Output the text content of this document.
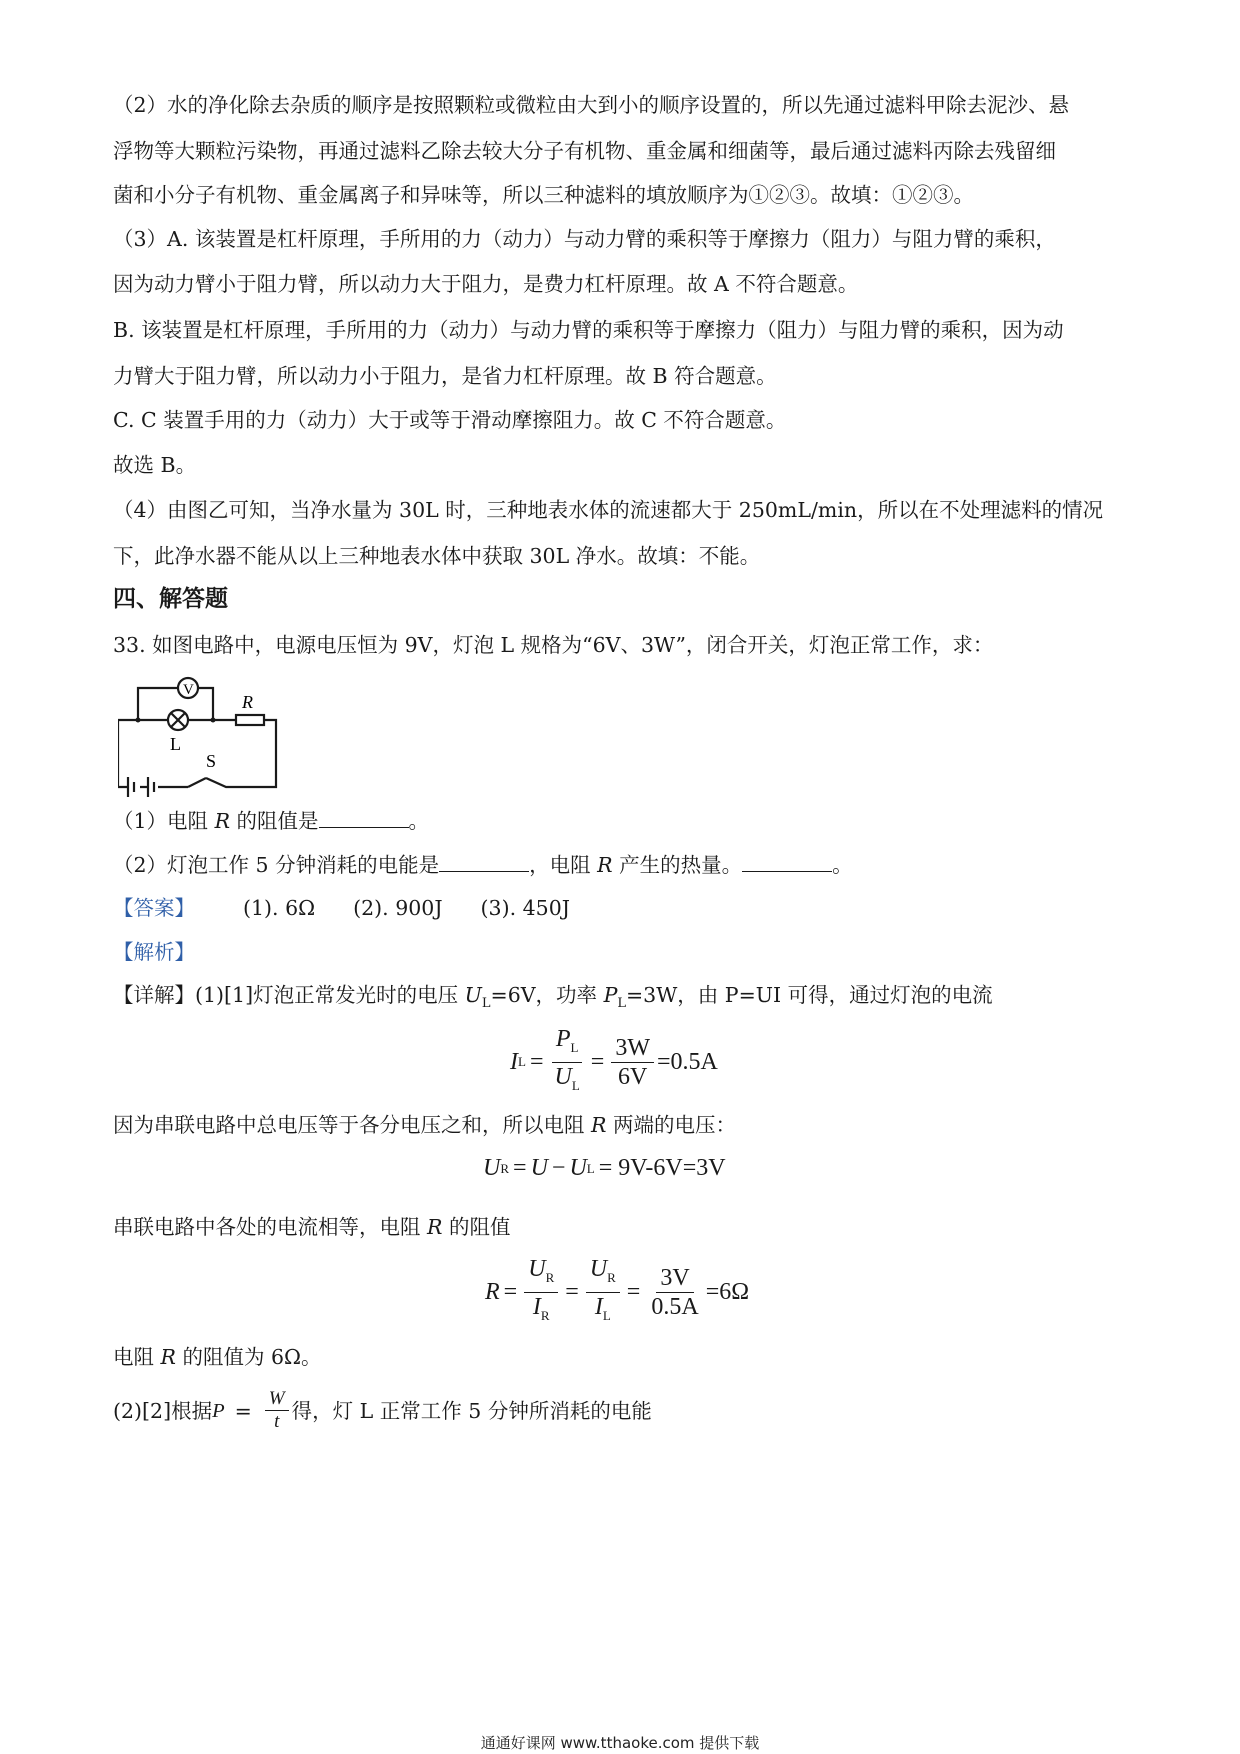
（2）水的净化除去杂质的顺序是按照颗粒或微粒由大到小的顺序设置的，所以先通过滤料甲除去泥沙、悬
浮物等大颗粒污染物，再通过滤料乙除去较大分子有机物、重金属和细菌等，最后通过滤料丙除去残留细
菌和小分子有机物、重金属离子和异味等，所以三种滤料的填放顺序为①②③。故填：①②③。
（3）A. 该装置是杠杆原理，手所用的力（动力）与动力臂的乘积等于摩擦力（阻力）与阻力臂的乘积，
因为动力臂小于阻力臂，所以动力大于阻力，是费力杠杆原理。故 A 不符合题意。
B. 该装置是杠杆原理，手所用的力（动力）与动力臂的乘积等于摩擦力（阻力）与阻力臂的乘积，因为动
力臂大于阻力臂，所以动力小于阻力，是省力杠杆原理。故 B 符合题意。
C. C 装置手用的力（动力）大于或等于滑动摩擦阻力。故 C 不符合题意。
故选 B。
（4）由图乙可知，当净水量为 30L 时，三种地表水体的流速都大于 250mL/min，所以在不处理滤料的情况
下，此净水器不能从以上三种地表水体中获取 30L 净水。故填：不能。
四、解答题
33. 如图电路中，电源电压恒为 9V，灯泡 L 规格为“6V、3W”，闭合开关，灯泡正常工作，求：
V
R
L
S
（1）电阻 R 的阻值是	。
（2）灯泡工作 5 分钟消耗的电能是	，电阻 R 产生的热量。	。
【答案】 (1). 6Ω (2). 900J (3). 450J
【解析】
【详解】(1)[1]灯泡正常发光时的电压 $U_L=6V$，功率 $P_L=3W$，由 P=UI 可得，通过灯泡的电流
I $L = \frac{P_L}{U_L} = \frac{3W}{6V} =0.5A$
因为串联电路中总电压等于各分电压之和，所以电阻 R 两端的电压：
U R = U − U L = 9V-6V=3V
串联电路中各处的电流相等，电阻 R 的阻值
$R = \frac{U_R}{I_R} = \frac{U_R}{I_L} = \frac{3V}{0.5A} =6\Omega$
电阻 R 的阻值为 6Ω。
(2)[2]根据 $P = \frac{W}{t}$ 得，灯 L 正常工作 5 分钟所消耗的电能
通通好课网 www.tthaoke.com 提供下载
